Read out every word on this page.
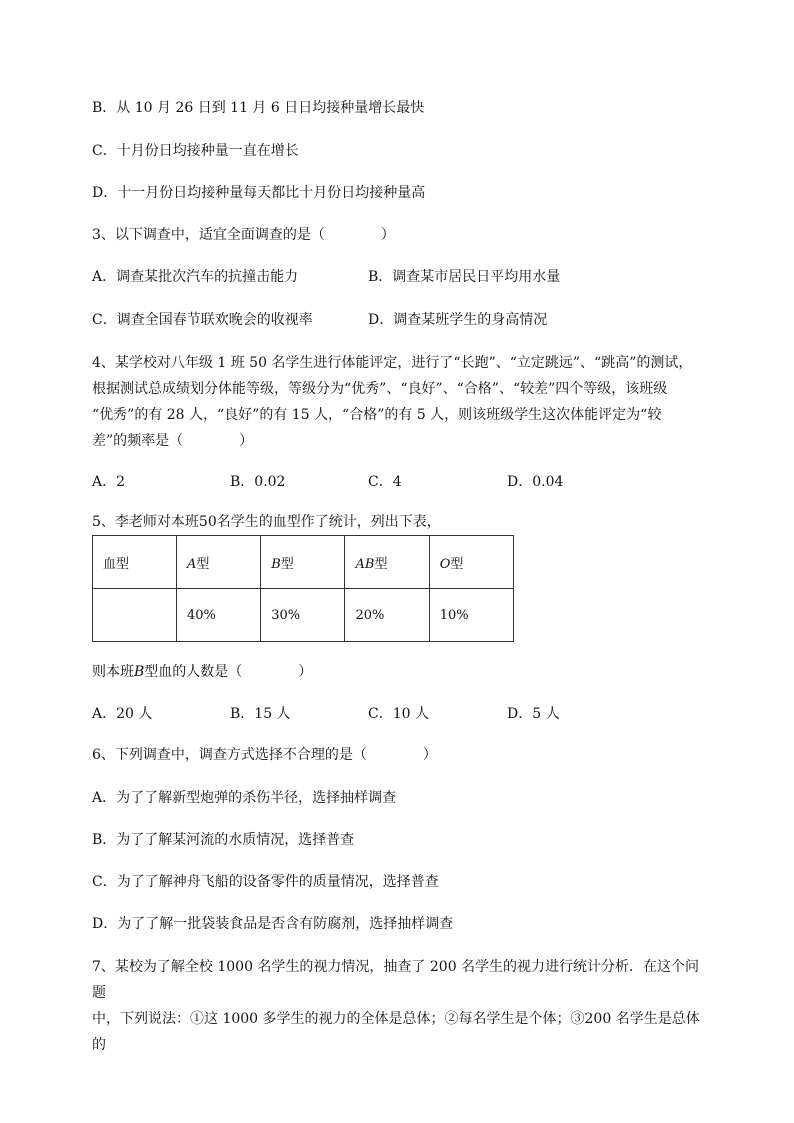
B．从 10 月 26 日到 11 月 6 日日均接种量增长最快
C．十月份日均接种量一直在增长
D．十一月份日均接种量每天都比十月份日均接种量高
3、以下调查中，适宜全面调查的是（	）
A．调查某批次汽车的抗撞击能力	B．调查某市居民日平均用水量
C．调查全国春节联欢晚会的收视率	D．调查某班学生的身高情况

4、某学校对八年级 1 班 50 名学生进行体能评定，进行了“长跑”、“立定跳远”、“跳高”的测试，

根据测试总成绩划分体能等级，等级分为“优秀”、“良好”、“合格”、“较差”四个等级，该班级

“优秀”的有 28 人，“良好”的有 15 人，“合格”的有 5 人，则该班级学生这次体能评定为“较

差”的频率是（	）

A．2	B．0.02	C．4	D．0.04
5、李老师对本班50名学生的血型作了统计，列出下表，
血型	A型	B型	AB型	O型
	40%	30%	20%	10%
则本班B型血的人数是（	）
A．20 人	B．15 人	C．10 人	D．5 人
6、下列调查中，调查方式选择不合理的是（	）
A．为了了解新型炮弹的杀伤半径，选择抽样调查
B．为了了解某河流的水质情况，选择普查
C．为了了解神舟飞船的设备零件的质量情况，选择普查
D．为了了解一批袋装食品是否含有防腐剂，选择抽样调查

7、某校为了解全校 1000 名学生的视力情况，抽查了 200 名学生的视力进行统计分析．在这个问题

中，下列说法：①这 1000 多学生的视力的全体是总体；②每名学生是个体；③200 名学生是总体的
